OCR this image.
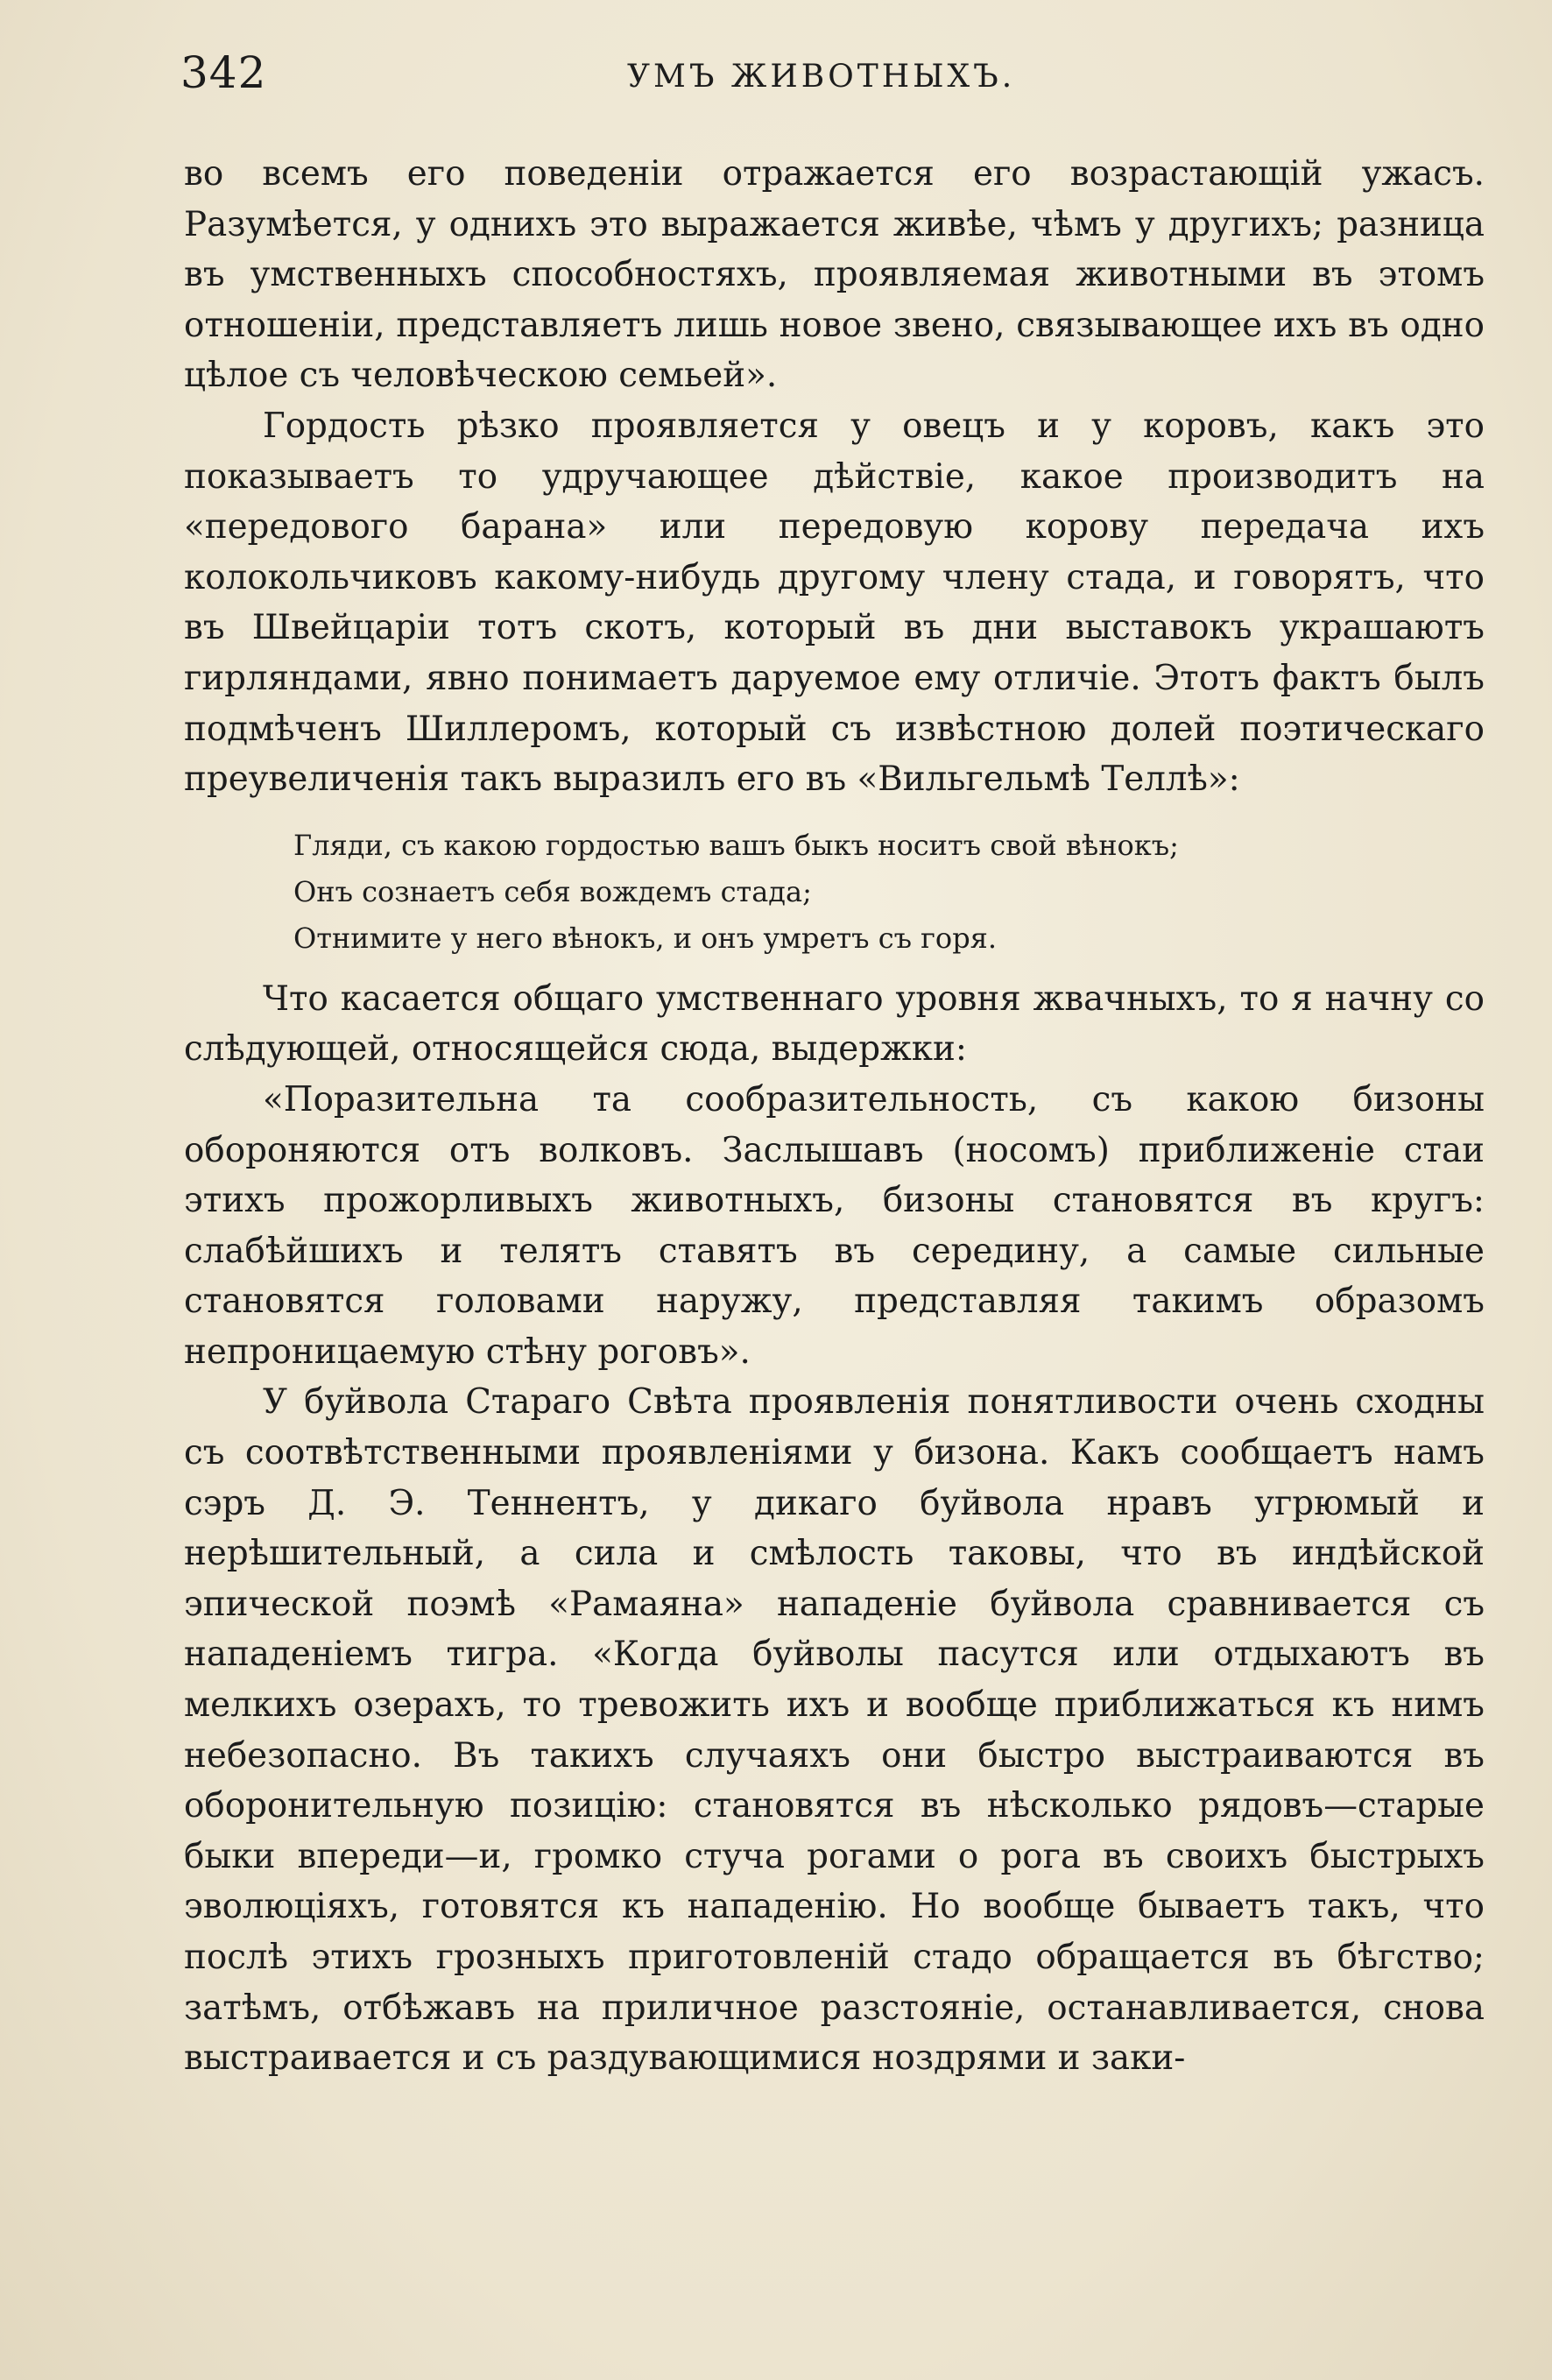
342	УМЪ ЖИВОТНЫХЪ.

во всемъ его поведеніи отражается его возрастающій ужасъ. Разумѣется, у однихъ это выражается живѣе, чѣмъ у другихъ; разница въ умственныхъ способностяхъ, проявляемая животными въ этомъ отношеніи, представляетъ лишь новое звено, связывающее ихъ въ одно цѣлое съ человѣческою семьей».

Гордость рѣзко проявляется у овецъ и у коровъ, какъ это показываетъ то удручающее дѣйствіе, какое производитъ на «передового барана» или передовую корову передача ихъ колокольчиковъ какому-нибудь другому члену стада, и говорятъ, что въ Швейцаріи тотъ скотъ, который въ дни выставокъ украшаютъ гирляндами, явно понимаетъ даруемое ему отличіе. Этотъ фактъ былъ подмѣченъ Шиллеромъ, который съ извѣстною долей поэтическаго преувеличенія такъ выразилъ его въ «Вильгельмѣ Теллѣ»:

Гляди, съ какою гордостью вашъ быкъ носитъ свой вѣнокъ;
Онъ сознаетъ себя вождемъ стада;
Отнимите у него вѣнокъ, и онъ умретъ съ горя.

Что касается общаго умственнаго уровня жвачныхъ, то я начну со слѣдующей, относящейся сюда, выдержки:

«Поразительна та сообразительность, съ какою бизоны обороняются отъ волковъ. Заслышавъ (носомъ) приближеніе стаи этихъ прожорливыхъ животныхъ, бизоны становятся въ кругъ: слабѣйшихъ и телятъ ставятъ въ середину, а самые сильные становятся головами наружу, представляя такимъ образомъ непроницаемую стѣну роговъ».

У буйвола Стараго Свѣта проявленія понятливости очень сходны съ соотвѣтственными проявленіями у бизона. Какъ сообщаетъ намъ сэръ Д. Э. Теннентъ, у дикаго буйвола нравъ угрюмый и нерѣшительный, а сила и смѣлость таковы, что въ индѣйской эпической поэмѣ «Рамаяна» нападеніе буйвола сравнивается съ нападеніемъ тигра. «Когда буйволы пасутся или отдыхаютъ въ мелкихъ озерахъ, то тревожить ихъ и вообще приближаться къ нимъ небезопасно. Въ такихъ случаяхъ они быстро выстраиваются въ оборонительную позицію: становятся въ нѣсколько рядовъ—старые быки впереди—и, громко стуча рогами о рога въ своихъ быстрыхъ эволюціяхъ, готовятся къ нападенію. Но вообще бываетъ такъ, что послѣ этихъ грозныхъ приготовленій стадо обращается въ бѣгство; затѣмъ, отбѣжавъ на приличное разстояніе, останавливается, снова выстраивается и съ раздувающимися ноздрями и заки-
